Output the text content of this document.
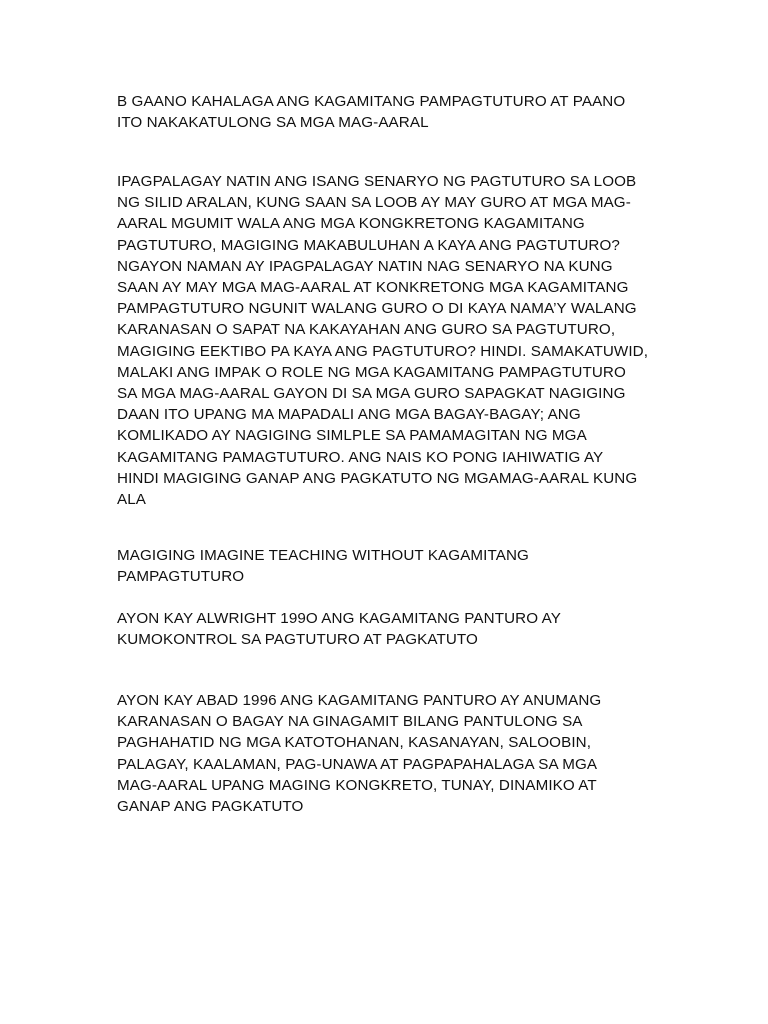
B GAANO KAHALAGA ANG KAGAMITANG PAMPAGTUTURO AT PAANO
ITO NAKAKATULONG SA MGA MAG-AARAL

IPAGPALAGAY NATIN ANG ISANG SENARYO NG PAGTUTURO SA LOOB
NG SILID ARALAN, KUNG SAAN SA LOOB AY MAY GURO AT MGA MAG-
AARAL MGUMIT WALA ANG MGA KONGKRETONG KAGAMITANG
PAGTUTURO, MAGIGING MAKABULUHAN A KAYA ANG PAGTUTURO?
NGAYON NAMAN AY IPAGPALAGAY NATIN NAG SENARYO NA KUNG
SAAN AY MAY MGA MAG-AARAL AT KONKRETONG MGA KAGAMITANG
PAMPAGTUTURO NGUNIT WALANG GURO O DI KAYA NAMA’Y WALANG
KARANASAN O SAPAT NA KAKAYAHAN ANG GURO SA PAGTUTURO,
MAGIGING EEKTIBO PA KAYA ANG PAGTUTURO? HINDI. SAMAKATUWID,
MALAKI ANG IMPAK O ROLE NG MGA KAGAMITANG PAMPAGTUTURO
SA MGA MAG-AARAL GAYON DI SA MGA GURO SAPAGKAT NAGIGING
DAAN ITO UPANG MA MAPADALI ANG MGA BAGAY-BAGAY; ANG
KOMLIKADO AY NAGIGING SIMLPLE SA PAMAMAGITAN NG MGA
KAGAMITANG PAMAGTUTURO. ANG NAIS KO PONG IAHIWATIG AY
HINDI MAGIGING GANAP ANG PAGKATUTO NG MGAMAG-AARAL KUNG
ALA

MAGIGING IMAGINE TEACHING WITHOUT KAGAMITANG
PAMPAGTUTURO

AYON KAY ALWRIGHT 199O ANG KAGAMITANG PANTURO AY
KUMOKONTROL SA PAGTUTURO AT PAGKATUTO

AYON KAY ABAD 1996 ANG KAGAMITANG PANTURO AY ANUMANG
KARANASAN O BAGAY NA GINAGAMIT BILANG PANTULONG SA
PAGHAHATID NG MGA KATOTOHANAN, KASANAYAN, SALOOBIN,
PALAGAY, KAALAMAN, PAG-UNAWA AT PAGPAPAHALAGA SA MGA
MAG-AARAL UPANG MAGING KONGKRETO, TUNAY, DINAMIKO AT
GANAP ANG PAGKATUTO
